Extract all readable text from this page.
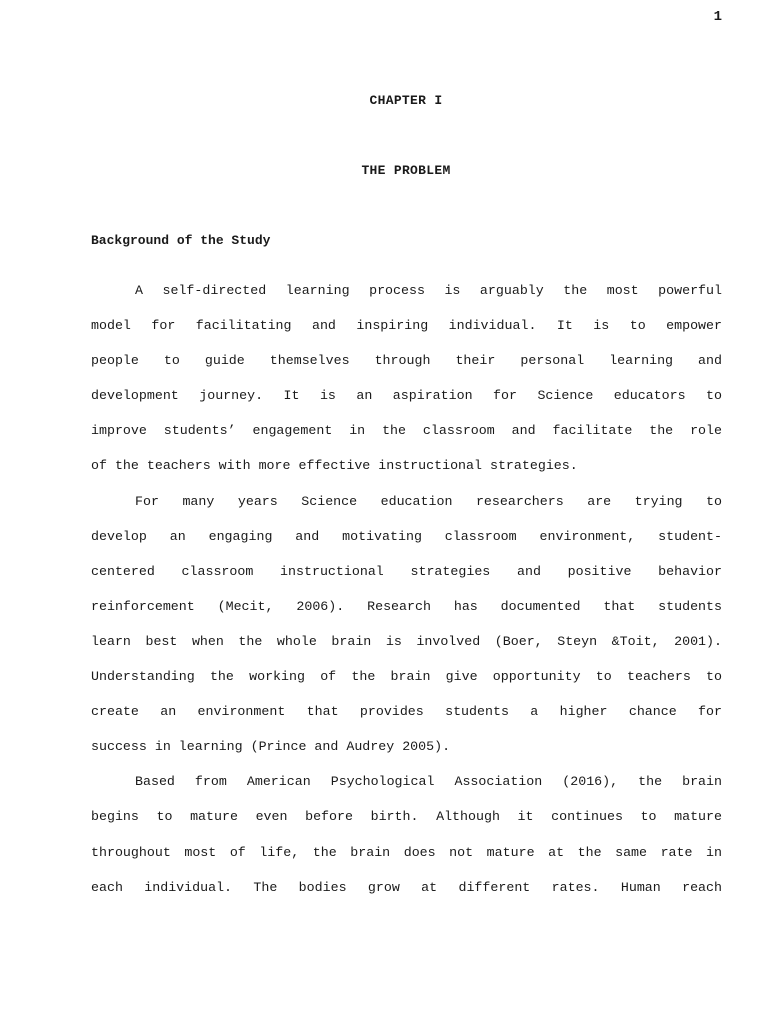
1
CHAPTER I
THE PROBLEM
Background of the Study
A self-directed learning process is arguably the most powerful
model for facilitating and inspiring individual. It is to empower
people to guide themselves through their personal learning and
development journey. It is an aspiration for Science educators to
improve students’ engagement in the classroom and facilitate the role
of the teachers with more effective instructional strategies.
For many years Science education researchers are trying to
develop an engaging and motivating classroom environment, student-
centered classroom instructional strategies and positive behavior
reinforcement (Mecit, 2006). Research has documented that students
learn best when the whole brain is involved (Boer, Steyn &Toit, 2001).
Understanding the working of the brain give opportunity to teachers to
create an environment that provides students a higher chance for
success in learning (Prince and Audrey 2005).
Based from American Psychological Association (2016), the brain
begins to mature even before birth. Although it continues to mature
throughout most of life, the brain does not mature at the same rate in
each individual. The bodies grow at different rates. Human reach
